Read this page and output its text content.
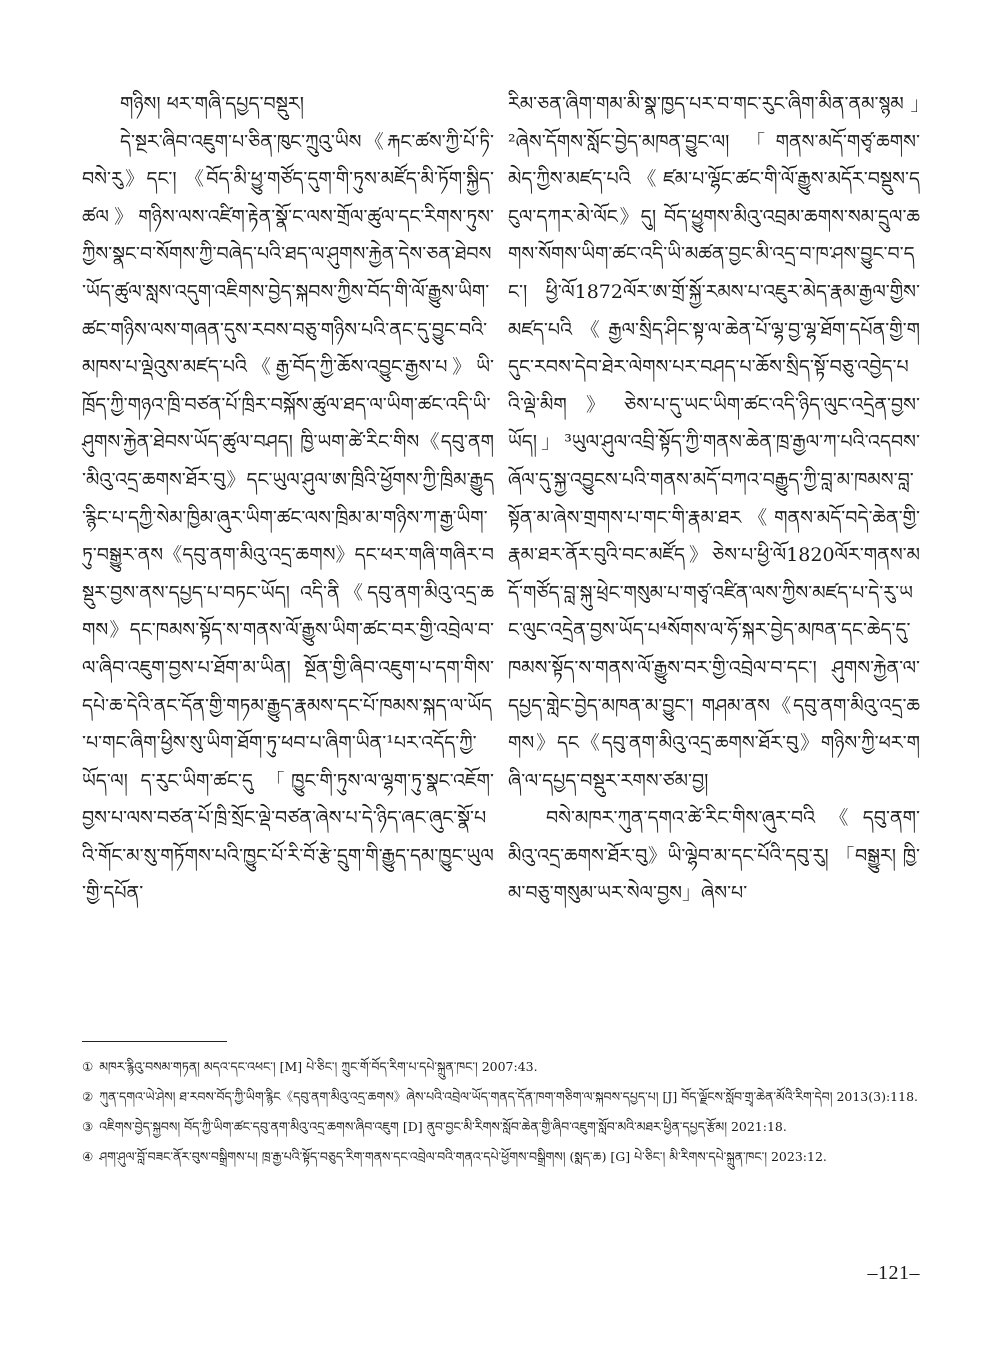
གཉིས། ཕར་གཞི་དཔྱད་བསྡུར།

དེ་སྔར་ཞིབ་འཇུག་པ་ཅིན་ཁུང་ཀྲུའུ་ཡིས《རྐང་ཚས་ཀྱི་པོ་ཏི་བསེ་རུ》དང་། 《བོད་མི་ཕྱུ་གཙོད་དུག་གི་ཏུས་མཛོད་མི་ཏོག་སྐྱིད་ཚལ》གཉིས་ལས་འཛིག་རྟེན་སྣོ་ང་ལས་གྲོལ་ཚུལ་དང་རིགས་ཏུས་ཀྱིས་སྣང་བ་སོགས་ཀྱི་བཞེད་པའི་ཐད་ལ་ཤུགས་རྐྱེན་དེས་ཅན་ཐེབས་ཡོད་ཚུལ་སླས་འདུག་འཇིགས་བྱེད་སྐབས་ཀྱིས་བོད་གི་ལོ་རྒྱུས་ཡིག་ཚང་གཉིས་ལས་གཞན་དུས་རབས་བཅུ་གཉིས་པའི་ནང་དུ་བྱུང་བའི་མཁས་པ་ལྡེའུས་མཛད་པའི《རྒྱ་བོད་ཀྱི་ཆོས་འབྱུང་རྒྱས་པ》ཡི་ཁྲོད་ཀྱི་གཉའ་ཁྲི་བཙན་པོ་ཁྲིར་བསྐོས་ཚུལ་ཐད་ལ་ཡིག་ཚང་འདི་ཡི་ཤུགས་རྐྱེན་ཐེབས་ཡོད་ཚུལ་བཤད། ཁྱི་ཡག་ཚེ་རིང་གིས《དབུ་ནག་མིའུ་འདྲ་ཆགས་ཐོར་བུ》དང་ཡུལ་ཤུལ་ཨ་ཁྲིའི་ཕྱོགས་ཀྱི་ཁྲིམ་རྒྱུད་རྙིང་པ་དཀྱི་སེམ་ཁྱིམ་ཞུར་ཡིག་ཚང་ལས་ཁྲིམ་མ་གཉིས་ཀ་རྒྱ་ཡིག་ཏུ་བསྒྱུར་ནས《དབུ་ནག་མིའུ་འདྲ་ཆགས》དང་ཕར་གཞི་གཞིར་བསྡུར་བྱས་ནས་དཔྱད་པ་བཏང་ཡོད། འདི་ནི《དབུ་ནག་མིའུ་འདྲ་ཆགས》དང་ཁམས་སྟོད་ས་གནས་ལོ་རྒྱུས་ཡིག་ཚང་བར་གྱི་འབྲེལ་བ་ལ་ཞིབ་འཇུག་བྱས་པ་ཐོག་མ་ཡིན། སྔོན་གྱི་ཞིབ་འཇུག་པ་དག་གིས་དཔེ་ཆ་དེའི་ནང་དོན་གྱི་གཏམ་རྒྱུད་རྣམས་དང་པོ་ཁམས་སྐད་ལ་ཡོད་པ་གང་ཞིག་ཕྱིས་སུ་ཡིག་ཐོག་ཏུ་ཕབ་པ་ཞིག་ཡིན་¹པར་འདོད་ཀྱི་ཡོད་ལ། ད་རུང་ཡིག་ཚང་དུ 「ཁྱུང་གི་ཏུས་ལ་ལྷག་ཏུ་སྣང་འཇོག་བྱས་པ་ལས་བཙན་པོ་ཁྲི་སྲོང་ལྡེ་བཙན་ཞེས་པ་དེ་ཉིད་ཞང་ཞུང་སྣོ་པའི་གོང་མ་སུ་གཏོགས་པའི་ཁྱུང་པོ་རི་བོ་རྩེ་དྲུག་གི་རྒྱུད་དམ་ཁྱུང་ཡུལ་གྱི་དཔོན་

རིམ་ཅན་ཞིག་གམ་མི་སྣ་ཁྱད་པར་བ་གང་རུང་ཞིག་མིན་ནམ་སྙམ」²ཞེས་དོགས་སློང་བྱེད་མཁན་བྱུང་ལ། 「གནས་མདོ་གཙྭ་ཆགས་མེད་ཀྱིས་མཛད་པའི《ཛམ་པ་ལྷོང་ཚང་གི་ལོ་རྒྱུས་མདོར་བསྡུས་དངུལ་དཀར་མེ་ལོང》དུ། བོད་ཕྱུགས་མིའུ་འབྲམ་ཆགས་སམ་དྲུལ་ཆགས་སོགས་ཡིག་ཚང་འདི་ཡི་མཚན་བྱང་མི་འདྲ་བ་ཁ་ཤས་བྱུང་བ་དང་། ཕྱི་ལོ1872ལོར་ཨ་གྲོ་སྐྱོ་རམས་པ་འཇུར་མེད་རྣམ་རྒྱལ་གྱིས་མཛད་པའི《རྒྱལ་སྲིད་ཤིང་སྟ་ལ་ཆེན་པོ་ལྷ་བྱ་ལྷ་ཐོག་དཔོན་གྱི་གདུང་རབས་དེབ་ཐེར་ལེགས་པར་བཤད་པ་ཆོས་སྲིད་སྟོ་བཅུ་འབྱེད་པའི་ལྡེ་མིག》ཅེས་པ་དུ་ཡང་ཡིག་ཚང་འདི་ཉིད་ལུང་འདྲེན་བྱས་ཡོད།」³ཡུལ་ཤུལ་འབྲི་སྟོད་ཀྱི་གནས་ཆེན་ཁྲ་རྒྱལ་ཀ་པའི་འདབས་ཞོལ་དུ་སྐྱ་འབྱུངས་པའི་གནས་མདོ་བཀའ་བརྒྱུད་ཀྱི་བླ་མ་ཁམས་བླ་སྟོན་མ་ཞེས་གྲགས་པ་གང་གི་རྣམ་ཐར《གནས་མདོ་བདེ་ཆེན་གྱི་རྣམ་ཐར་ནོར་བུའི་བང་མཛོད》ཅེས་པ་ཕྱི་ལོ1820ལོར་གནས་མདོ་གཙོད་བླ་སྐུ་ཕྲེང་གསུམ་པ་གཙྭ་འཛིན་ལས་ཀྱིས་མཛད་པ་དེ་རུ་ཡང་ལུང་འདྲེན་བྱས་ཡོད་པ⁴སོགས་ལ་ཧོ་སྐར་བྱེད་མཁན་དང་ཆེད་དུ་ཁམས་སྟོད་ས་གནས་ལོ་རྒྱུས་བར་གྱི་འབྲེལ་བ་དང་། ཤུགས་རྐྱེན་ལ་དཔྱད་གླེང་བྱེད་མཁན་མ་བྱུང་། གཤམ་ནས《དབུ་ནག་མིའུ་འདྲ་ཆགས》དང《དབུ་ནག་མིའུ་འདྲ་ཆགས་ཐོར་བུ》གཉིས་ཀྱི་ཕར་གཞི་ལ་དཔྱད་བསྡུར་རགས་ཙམ་བྱ།

བསེ་མཁར་ཀུན་དགའ་ཚེ་རིང་གིས་ཞུར་བའི《དབུ་ནག་མིའུ་འདྲ་ཆགས་ཐོར་བུ》ཡི་ལྷེབ་མ་དང་པོའི་དབུ་རུ། 「བསྒྱུར། ཁྱི་མ་བཅུ་གསུམ་ཡར་སེལ་བྱས」ཞེས་པ་

① མཁར་རྙིའུ་བསམ་གཏན། མདའ་དང་འཕང་། [M] པེ་ཅིང་། ཀྲུང་གོ་བོད་རིག་པ་དཔེ་སྐྲུན་ཁང་། 2007:43.

② ཀུན་དགའ་ཡེ་ཤེས། ཐ་རབས་བོད་ཀྱི་ཡིག་རྙིང《དབུ་ནག་མིའུ་འདྲ་ཆགས》ཞེས་པའི་འབྲེལ་ཡོད་གནད་དོན་ཁག་གཅིག་ལ་སྐབས་དཔྱད་པ། [J] བོད་ལྗོངས་སློབ་གྲྭ་ཆེན་མོའི་རིག་དེབ། 2013(3):118.

③ འཇིགས་བྱེད་སྐྱབས། བོད་ཀྱི་ཡིག་ཚང་དབུ་ནག་མིའུ་འདྲ་ཆགས་ཞིབ་འཇུག [D] ནུབ་བྱང་མི་རིགས་སློབ་ཆེན་གྱི་ཞིབ་འཇུག་སློབ་མའི་མཐར་ཕྱིན་དཔྱད་རྩོམ། 2021:18.

④ ཤག་ཤུལ་བློ་བཟང་ནོར་བུས་བསྒྲིགས་པ། ཁྲ་རྒྱ་པའི་སྟོད་བཅུད་རིག་གནས་དང་འབྲེལ་བའི་གནའ་དཔེ་ཕྱོགས་བསྒྲིགས། (སྨད་ཆ) [G] པེ་ཅིང་། མི་རིགས་དཔེ་སྐྲུན་ཁང་། 2023:12.

–121–
